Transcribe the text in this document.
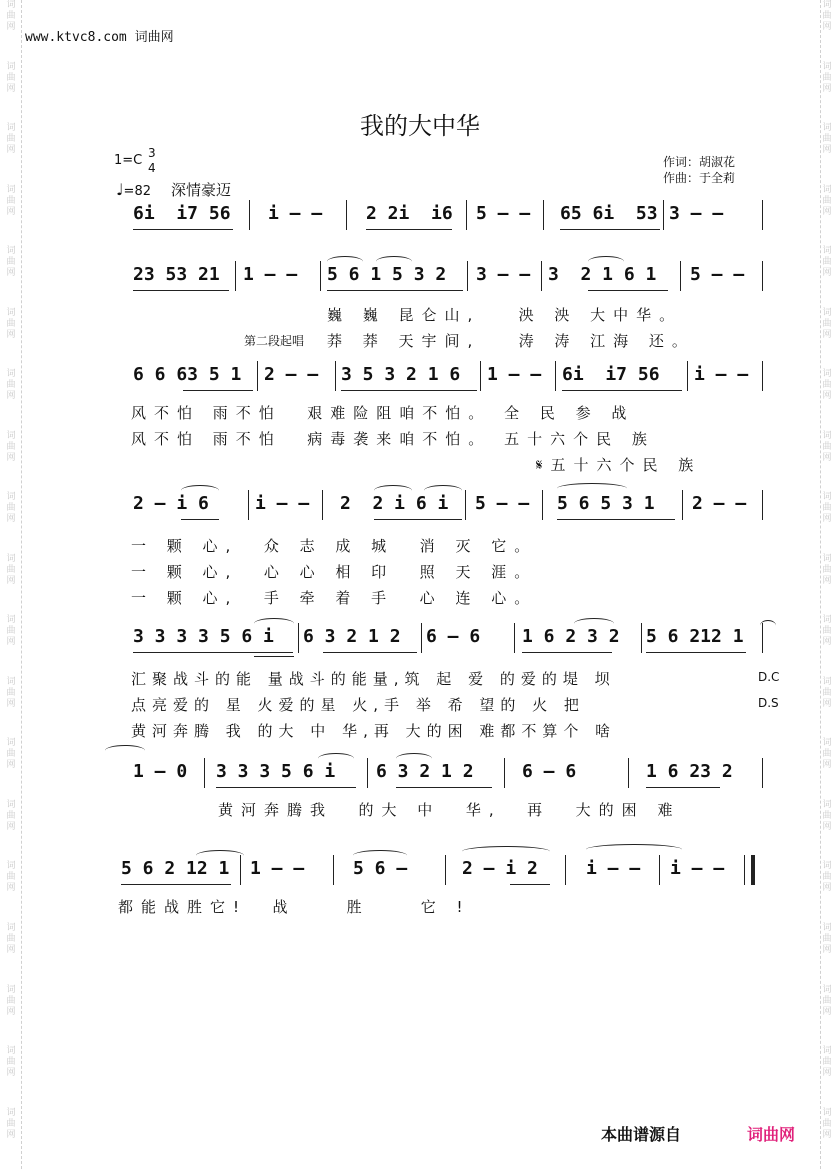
词
曲
网
词
曲
网
词
曲
网
词
曲
网
词
曲
网
词
曲
网
词
曲
网
词
曲
网
词
曲
网
词
曲
网
词
曲
网
词
曲
网
词
曲
网
词
曲
网
词
曲
网
词
曲
网
词
曲
网
词
曲
网
词
曲
网
词
曲
网
词
曲
网
词
曲
网
词
曲
网
词
曲
网
词
曲
网
词
曲
网
词
曲
网
词
曲
网
词
曲
网
词
曲
网
词
曲
网
词
曲
网
词
曲
网
词
曲
网
词
曲
网
词
曲
网
词
曲
网
词
曲
网
www.ktvc8.com 词曲网
我的大中华
1=C 3
4
♩=82 深情豪迈
作词：胡淑花
作曲：于全莉
6i  i7 56 i — — 2 2i  i6 5 — — 65 6i  53 3 — —
23 53 21 1 — — 5 6 1 5 3 2 3 — — 3  2 1 6 1 5 — —
巍 巍 昆仑山,   泱 泱 大中华。
第二段起唱 莽 莽 天宇间,   涛 涛 江海 还。
6 6 63 5 1 2 — — 3 5 3 2 1 6 1 — — 6i  i7 56 i — —
风不怕 雨不怕  艰难险阻咱不怕。 全 民 参 战
风不怕 雨不怕  病毒袭来咱不怕。 五十六个民 族
𝄋五十六个民 族
2 — i 6	i — — 2  2 i 6 i 5 — — 5 6 5 3 1 2 — —
一 颗 心,  众 志 成 城  消 灭 它。
一 颗 心,  心 心 相 印  照 天 涯。
一 颗 心,  手 牵 着 手  心 连 心。
3 3 3 3 5 6 i 6 3 2 1 2 6 — 6 1 6 2 3 2 5 6 212 1
汇聚战斗的能 量战斗的能量,筑 起 爱 的爱的堤 坝	D.C
点亮爱的 星 火爱的星 火,手 举 希 望的 火 把	D.S
黄河奔腾 我 的大 中 华,再 大的困 难都不算个 啥
1 — 0 3 3 3 5 6 i 6 3 2 1 2	6 — 6	1 6 23 2
黄河奔腾我  的大 中  华,  再  大的困 难
5 6 2 12 1 1 — —	5 6 —	2 — i 2	i — — i — —
都能战胜它!  战    胜    它 !
本曲谱源自	词曲网
